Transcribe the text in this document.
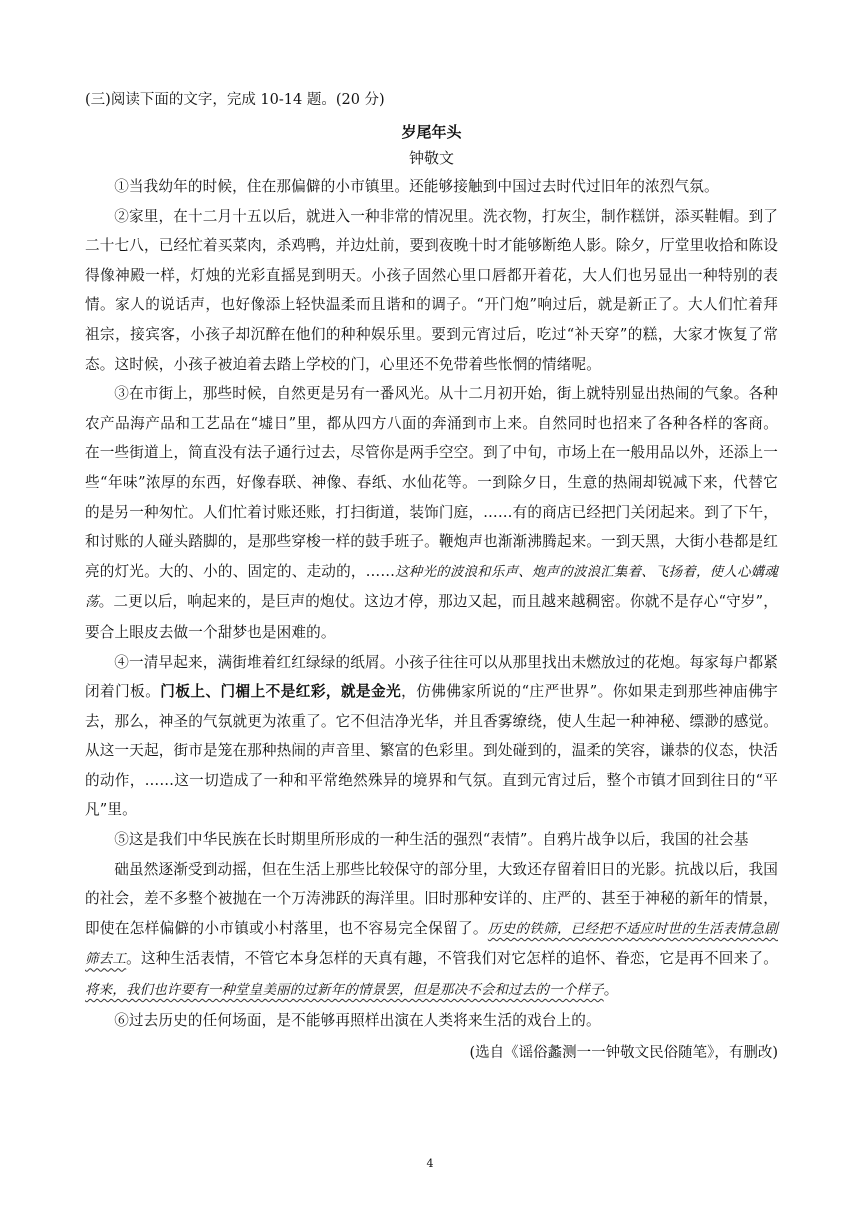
(三)阅读下面的文字，完成 10-14 题。(20 分)

岁尾年头

钟敬文

①当我幼年的时候，住在那偏僻的小市镇里。还能够接触到中国过去时代过旧年的浓烈气氛。

②家里，在十二月十五以后，就进入一种非常的情况里。洗衣物，打灰尘，制作糕饼，添买鞋帽。到了二十七八，已经忙着买菜肉，杀鸡鸭，并边灶前，要到夜晚十时才能够断绝人影。除夕，厅堂里收拾和陈设得像神殿一样，灯烛的光彩直摇晃到明天。小孩子固然心里口唇都开着花，大人们也另显出一种特别的表情。家人的说话声，也好像添上轻快温柔而且谐和的调子。“开门炮”响过后，就是新正了。大人们忙着拜祖宗，接宾客，小孩子却沉醉在他们的种种娱乐里。要到元宵过后，吃过“补天穿”的糕，大家才恢复了常态。这时候，小孩子被迫着去踏上学校的门，心里还不免带着些怅惘的情绪呢。

③在市街上，那些时候，自然更是另有一番风光。从十二月初开始，街上就特别显出热闹的气象。各种农产品海产品和工艺品在“墟日”里，都从四方八面的奔涌到市上来。自然同时也招来了各种各样的客商。在一些街道上，简直没有法子通行过去，尽管你是两手空空。到了中旬，市场上在一般用品以外，还添上一些“年味”浓厚的东西，好像春联、神像、春纸、水仙花等。一到除夕日，生意的热闹却锐减下来，代替它的是另一种匆忙。人们忙着讨账还账，打扫街道，装饰门庭，……有的商店已经把门关闭起来。到了下午，和讨账的人碰头踏脚的，是那些穿梭一样的鼓手班子。鞭炮声也渐渐沸腾起来。一到天黑，大街小巷都是红亮的灯光。大的、小的、固定的、走动的，……这种光的波浪和乐声、炮声的波浪汇集着、飞扬着，使人心媾魂荡。二更以后，响起来的，是巨声的炮仗。这边才停，那边又起，而且越来越稠密。你就不是存心“守岁”，要合上眼皮去做一个甜梦也是困难的。

④一清早起来，满街堆着红红绿绿的纸屑。小孩子往往可以从那里找出未燃放过的花炮。每家每户都紧闭着门板。门板上、门楣上不是红彩，就是金光，仿佛佛家所说的“庄严世界”。你如果走到那些神庙佛宇去，那么，神圣的气氛就更为浓重了。它不但洁净光华，并且香雾缭绕，使人生起一种神秘、缥渺的感觉。从这一天起，街市是笼在那种热闹的声音里、繁富的色彩里。到处碰到的，温柔的笑容，谦恭的仪态，快活的动作，……这一切造成了一种和平常绝然殊异的境界和气氛。直到元宵过后，整个市镇才回到往日的“平凡”里。

⑤这是我们中华民族在长时期里所形成的一种生活的强烈“表情”。自鸦片战争以后，我国的社会基

础虽然逐渐受到动摇，但在生活上那些比较保守的部分里，大致还存留着旧日的光影。抗战以后，我国的社会，差不多整个被抛在一个万涛沸跃的海洋里。旧时那种安详的、庄严的、甚至于神秘的新年的情景，即使在怎样偏僻的小市镇或小村落里，也不容易完全保留了。历史的铁筛，已经把不适应时世的生活表情急剧筛去工。这种生活表情，不管它本身怎样的天真有趣，不管我们对它怎样的追怀、眷恋，它是再不回来了。将来，我们也许要有一种堂皇美丽的过新年的情景罢，但是那决不会和过去的一个样子。

⑥过去历史的任何场面，是不能够再照样出演在人类将来生活的戏台上的。

(选自《谣俗蠡测一一钟敬文民俗随笔》，有删改)

4
